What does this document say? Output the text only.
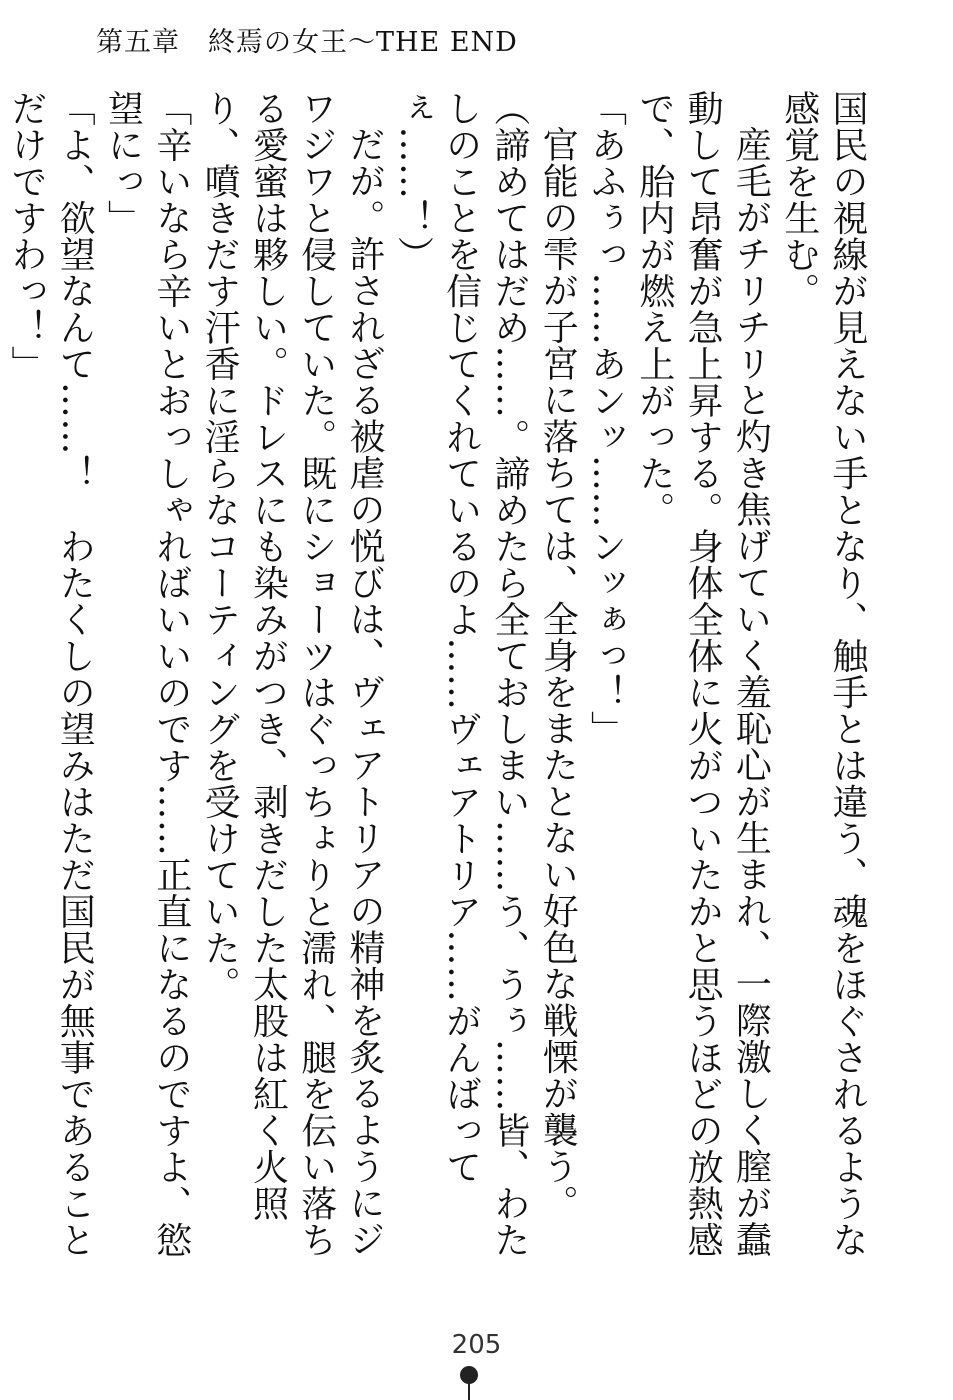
第五章　終焉の女王〜THE END

国民の視線が見えない手となり、触手とは違う、魂をほぐされるような感覚を生む。

産毛がチリチリと灼き焦げていく羞恥心が生まれ、一際激しく膣が蠢動して昂奮が急上昇する。身体全体に火がついたかと思うほどの放熱感で、胎内が燃え上がった。

「あふぅっ……あンッ……ンッぁっ！」

官能の雫が子宮に落ちては、全身をまたとない好色な戦慄が襲う。

（諦めてはだめ……。諦めたら全ておしまい……う、うぅ……皆、わたしのことを信じてくれているのよ……ヴェアトリア……がんばってぇ……！）

だが。許されざる被虐の悦びは、ヴェアトリアの精神を炙るようにジワジワと侵していた。既にショーツはぐっちょりと濡れ、腿を伝い落ちる愛蜜は夥しい。ドレスにも染みがつき、剥きだした太股は紅く火照り、噴きだす汗香に淫らなコーティングを受けていた。

「辛いなら辛いとおっしゃればいいのです……正直になるのですよ、慾望にっ」

「よ、欲望なんて……！　わたくしの望みはただ国民が無事であることだけですわっ！」

205
